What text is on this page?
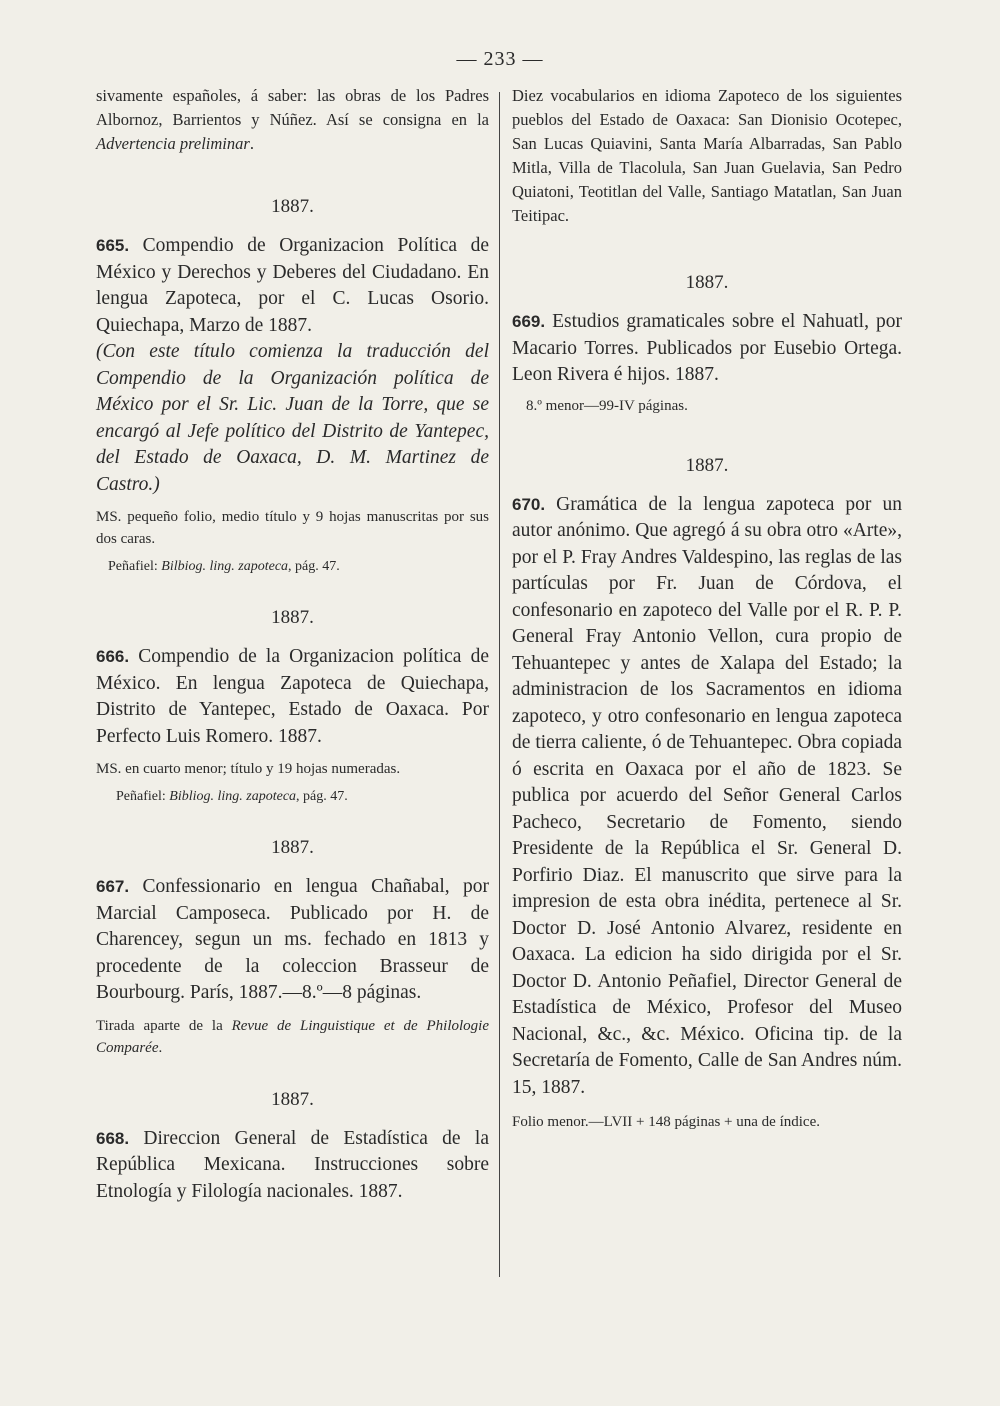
— 233 —

sivamente españoles, á saber: las obras de los Padres Albornoz, Barrientos y Núñez. Así se consigna en la Advertencia preliminar.

1887.

665. Compendio de Organizacion Política de México y Derechos y Deberes del Ciudadano. En lengua Zapoteca, por el C. Lucas Osorio. Quiechapa, Marzo de 1887.

(Con este título comienza la traducción del Compendio de la Organización política de México por el Sr. Lic. Juan de la Torre, que se encargó al Jefe político del Distrito de Yantepec, del Estado de Oaxaca, D. M. Martinez de Castro.)

MS. pequeño folio, medio título y 9 hojas manuscritas por sus dos caras.

Peñafiel: Bilbiog. ling. zapoteca, pág. 47.

1887.

666. Compendio de la Organizacion política de México. En lengua Zapoteca de Quiechapa, Distrito de Yantepec, Estado de Oaxaca. Por Perfecto Luis Romero. 1887.

MS. en cuarto menor; título y 19 hojas numeradas.

Peñafiel: Bibliog. ling. zapoteca, pág. 47.

1887.

667. Confessionario en lengua Chañabal, por Marcial Camposeca. Publicado por H. de Charencey, segun un ms. fechado en 1813 y procedente de la coleccion Brasseur de Bourbourg. París, 1887.—8.º—8 páginas.

Tirada aparte de la Revue de Linguistique et de Philologie Comparée.

1887.

668. Direccion General de Estadística de la República Mexicana. Instrucciones sobre Etnología y Filología nacionales. 1887.

Diez vocabularios en idioma Zapoteco de los siguientes pueblos del Estado de Oaxaca: San Dionisio Ocotepec, San Lucas Quiavini, Santa María Albarradas, San Pablo Mitla, Villa de Tlacolula, San Juan Guelavia, San Pedro Quiatoni, Teotitlan del Valle, Santiago Matatlan, San Juan Teitipac.

1887.

669. Estudios gramaticales sobre el Nahuatl, por Macario Torres. Publicados por Eusebio Ortega. Leon Rivera é hijos. 1887.

8.º menor—99-IV páginas.

1887.

670. Gramática de la lengua zapoteca por un autor anónimo. Que agregó á su obra otro «Arte», por el P. Fray Andres Valdespino, las reglas de las partículas por Fr. Juan de Córdova, el confesonario en zapoteco del Valle por el R. P. P. General Fray Antonio Vellon, cura propio de Tehuantepec y antes de Xalapa del Estado; la administracion de los Sacramentos en idioma zapoteco, y otro confesonario en lengua zapoteca de tierra caliente, ó de Tehuantepec. Obra copiada ó escrita en Oaxaca por el año de 1823. Se publica por acuerdo del Señor General Carlos Pacheco, Secretario de Fomento, siendo Presidente de la República el Sr. General D. Porfirio Diaz. El manuscrito que sirve para la impresion de esta obra inédita, pertenece al Sr. Doctor D. José Antonio Alvarez, residente en Oaxaca. La edicion ha sido dirigida por el Sr. Doctor D. Antonio Peñafiel, Director General de Estadística de México, Profesor del Museo Nacional, &c., &c. México. Oficina tip. de la Secretaría de Fomento, Calle de San Andres núm. 15, 1887.

Folio menor.—LVII + 148 páginas + una de índice.
